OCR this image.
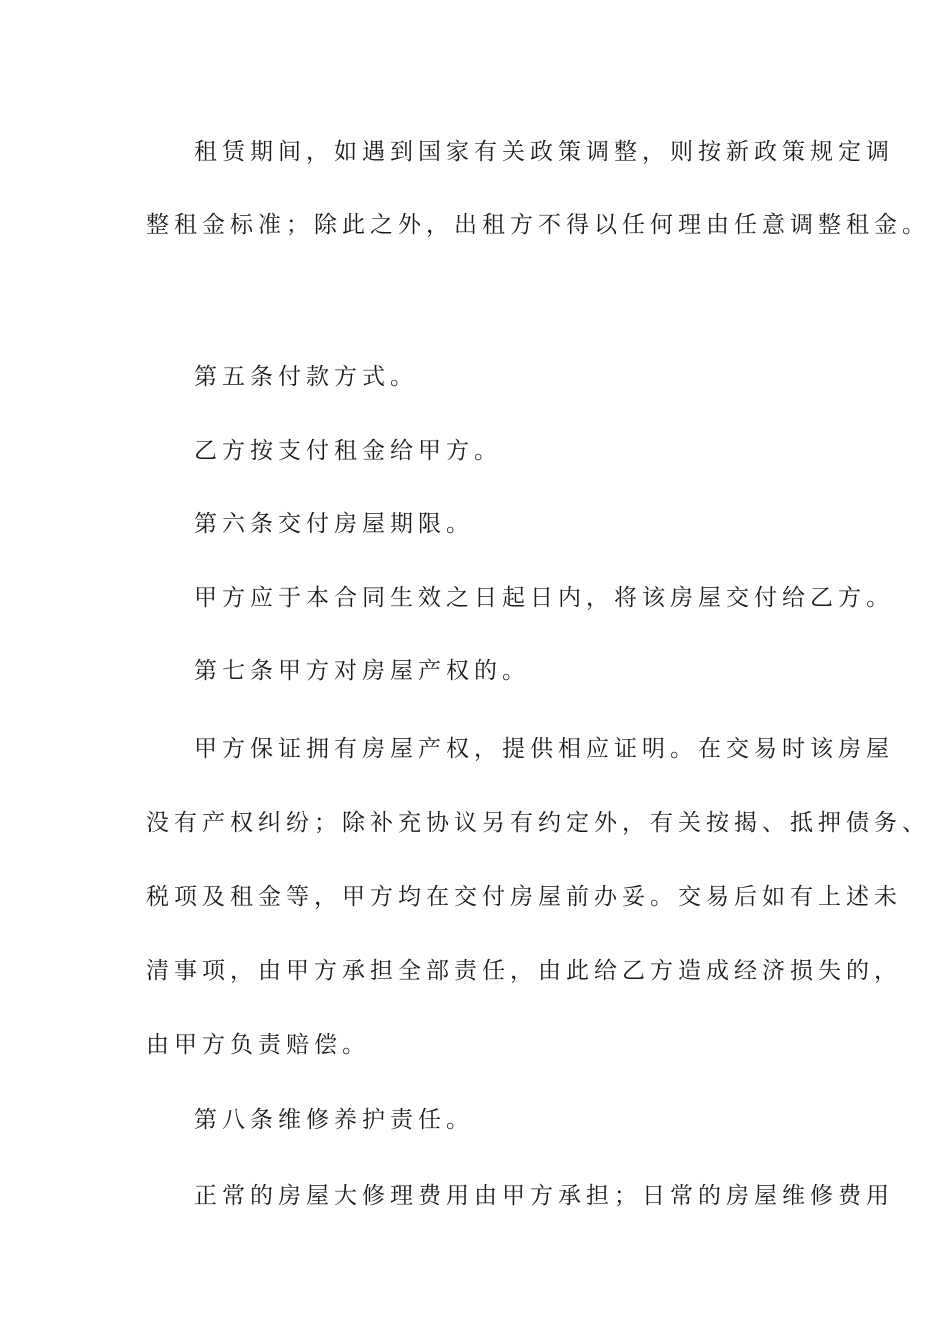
租赁期间，如遇到国家有关政策调整，则按新政策规定调
整租金标准；除此之外，出租方不得以任何理由任意调整租金。
第五条付款方式。
乙方按支付租金给甲方。
第六条交付房屋期限。
甲方应于本合同生效之日起日内，将该房屋交付给乙方。
第七条甲方对房屋产权的。
甲方保证拥有房屋产权，提供相应证明。在交易时该房屋
没有产权纠纷；除补充协议另有约定外，有关按揭、抵押债务、
税项及租金等，甲方均在交付房屋前办妥。交易后如有上述未
清事项，由甲方承担全部责任，由此给乙方造成经济损失的，
由甲方负责赔偿。
第八条维修养护责任。
正常的房屋大修理费用由甲方承担；日常的房屋维修费用
